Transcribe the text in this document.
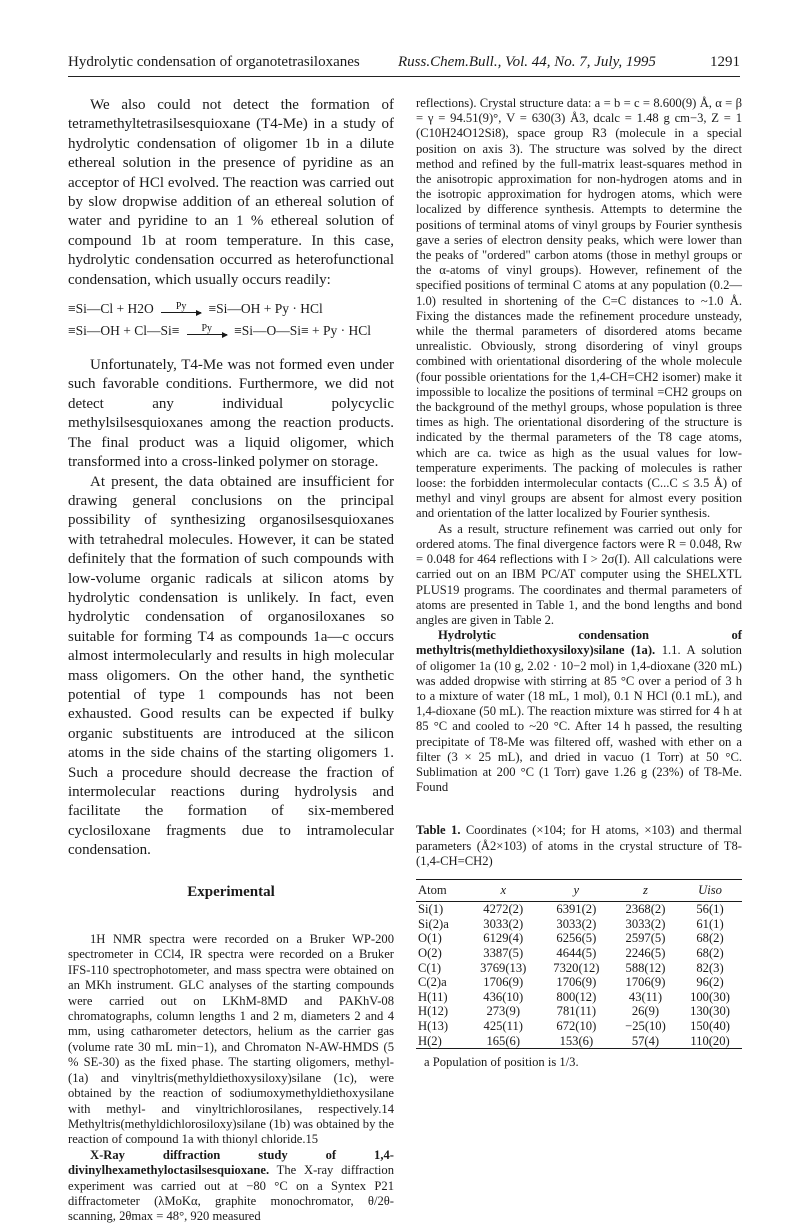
Hydrolytic condensation of organotetrasiloxanes	Russ.Chem.Bull., Vol. 44, No. 7, July, 1995	1291

We also could not detect the formation of tetramethyltetrasilsesquioxane (T4-Me) in a study of hydrolytic condensation of oligomer 1b in a dilute ethereal solution in the presence of pyridine as an acceptor of HCl evolved. The reaction was carried out by slow dropwise addition of an ethereal solution of water and pyridine to an 1 % ethereal solution of compound 1b at room temperature. In this case, hydrolytic condensation occurred as heterofunctional condensation, which usually occurs readily:

≡Si—Cl + H2O Py ≡Si—OH + Py · HCl
≡Si—OH + Cl—Si≡ Py ≡Si—O—Si≡ + Py · HCl

Unfortunately, T4-Me was not formed even under such favorable conditions. Furthermore, we did not detect any individual polycyclic methylsilsesquioxanes among the reaction products. The final product was a liquid oligomer, which transformed into a cross-linked polymer on storage.

At present, the data obtained are insufficient for drawing general conclusions on the principal possibility of synthesizing organosilsesquioxanes with tetrahedral molecules. However, it can be stated definitely that the formation of such compounds with low-volume organic radicals at silicon atoms by hydrolytic condensation is unlikely. In fact, even hydrolytic condensation of organosiloxanes so suitable for forming T4 as compounds 1a—c occurs almost intermolecularly and results in high molecular mass oligomers. On the other hand, the synthetic potential of type 1 compounds has not been exhausted. Good results can be expected if bulky organic substituents are introduced at the silicon atoms in the side chains of the starting oligomers 1. Such a procedure should decrease the fraction of intermolecular reactions during hydrolysis and facilitate the formation of six-membered cyclosiloxane fragments due to intramolecular condensation.

Experimental

1H NMR spectra were recorded on a Bruker WP-200 spectrometer in CCl4, IR spectra were recorded on a Bruker IFS-110 spectrophotometer, and mass spectra were obtained on an MKh instrument. GLC analyses of the starting compounds were carried out on LKhM-8MD and PAKhV-08 chromatographs, column lengths 1 and 2 m, diameters 2 and 4 mm, using catharometer detectors, helium as the carrier gas (volume rate 30 mL min−1), and Chromaton N-AW-HMDS (5 % SE-30) as the fixed phase. The starting oligomers, methyl- (1a) and vinyltris(methyldiethoxysiloxy)silane (1c), were obtained by the reaction of sodiumoxymethyldiethoxysilane with methyl- and vinyltrichlorosilanes, respectively.14 Methyltris(methyldichlorosiloxy)silane (1b) was obtained by the reaction of compound 1a with thionyl chloride.15

X-Ray diffraction study of 1,4-divinylhexamethyloctasilsesquioxane. The X-ray diffraction experiment was carried out at −80 °C on a Syntex P21 diffractometer (λMoKα, graphite monochromator, θ/2θ-scanning, 2θmax = 48°, 920 measured

reflections). Crystal structure data: a = b = c = 8.600(9) Å, α = β = γ = 94.51(9)°, V = 630(3) Å3, dcalc = 1.48 g cm−3, Z = 1 (C10H24O12Si8), space group R3 (molecule in a special position on axis 3). The structure was solved by the direct method and refined by the full-matrix least-squares method in the anisotropic approximation for non-hydrogen atoms and in the isotropic approximation for hydrogen atoms, which were localized by difference synthesis. Attempts to determine the positions of terminal atoms of vinyl groups by Fourier synthesis gave a series of electron density peaks, which were lower than the peaks of "ordered" carbon atoms (those in methyl groups or the α-atoms of vinyl groups). However, refinement of the specified positions of terminal C atoms at any population (0.2—1.0) resulted in shortening of the C=C distances to ~1.0 Å. Fixing the distances made the refinement procedure unsteady, while the thermal parameters of disordered atoms became unrealistic. Obviously, strong disordering of vinyl groups combined with orientational disordering of the whole molecule (four possible orientations for the 1,4-CH=CH2 isomer) make it impossible to localize the positions of terminal =CH2 groups on the background of the methyl groups, whose population is three times as high. The orientational disordering of the structure is indicated by the thermal parameters of the T8 cage atoms, which are ca. twice as high as the usual values for low-temperature experiments. The packing of molecules is rather loose: the forbidden intermolecular contacts (C...C ≤ 3.5 Å) of methyl and vinyl groups are absent for almost every position and orientation of the latter localized by Fourier synthesis.

As a result, structure refinement was carried out only for ordered atoms. The final divergence factors were R = 0.048, Rw = 0.048 for 464 reflections with I > 2σ(I). All calculations were carried out on an IBM PC/AT computer using the SHELXTL PLUS19 programs. The coordinates and thermal parameters of atoms are presented in Table 1, and the bond lengths and bond angles are given in Table 2.

Hydrolytic condensation of methyltris(methyldiethoxysiloxy)silane (1a). 1.1. A solution of oligomer 1a (10 g, 2.02 · 10−2 mol) in 1,4-dioxane (320 mL) was added dropwise with stirring at 85 °C over a period of 3 h to a mixture of water (18 mL, 1 mol), 0.1 N HCl (0.1 mL), and 1,4-dioxane (50 mL). The reaction mixture was stirred for 4 h at 85 °C and cooled to ~20 °C. After 14 h passed, the resulting precipitate of T8-Me was filtered off, washed with ether on a filter (3 × 25 mL), and dried in vacuo (1 Torr) at 50 °C. Sublimation at 200 °C (1 Torr) gave 1.26 g (23%) of T8-Me. Found

Table 1. Coordinates (×104; for H atoms, ×103) and thermal parameters (Å2×103) of atoms in the crystal structure of T8-(1,4-CH=CH2)
Atom	x	y	z	Uiso
Si(1)	4272(2)	6391(2)	2368(2)	56(1)
Si(2)a	3033(2)	3033(2)	3033(2)	61(1)
O(1)	6129(4)	6256(5)	2597(5)	68(2)
O(2)	3387(5)	4644(5)	2246(5)	68(2)
C(1)	3769(13)	7320(12)	588(12)	82(3)
C(2)a	1706(9)	1706(9)	1706(9)	96(2)
H(11)	436(10)	800(12)	43(11)	100(30)
H(12)	273(9)	781(11)	26(9)	130(30)
H(13)	425(11)	672(10)	−25(10)	150(40)
H(2)	165(6)	153(6)	57(4)	110(20)
a Population of position is 1/3.
